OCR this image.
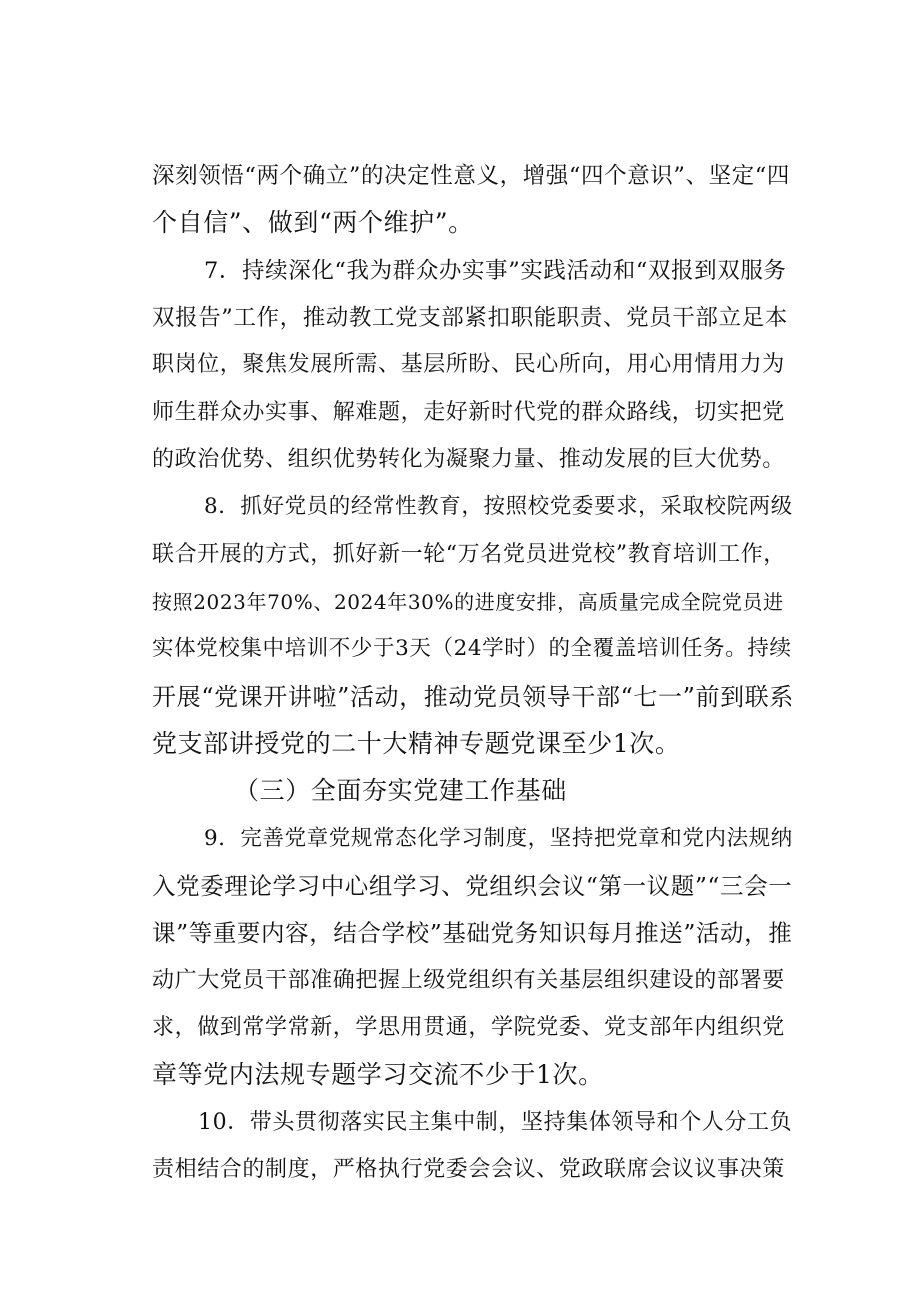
深刻领悟“两个确立”的决定性意义，增强“四个意识”、坚定“四
个自信”、做到“两个维护”。
7．持续深化“我为群众办实事”实践活动和“双报到双服务
双报告”工作，推动教工党支部紧扣职能职责、党员干部立足本
职岗位，聚焦发展所需、基层所盼、民心所向，用心用情用力为
师生群众办实事、解难题，走好新时代党的群众路线，切实把党
的政治优势、组织优势转化为凝聚力量、推动发展的巨大优势。
8．抓好党员的经常性教育，按照校党委要求，采取校院两级
联合开展的方式，抓好新一轮“万名党员进党校”教育培训工作，
按照2023年70%、2024年30%的进度安排，高质量完成全院党员进
实体党校集中培训不少于3天（24学时）的全覆盖培训任务。持续
开展“党课开讲啦”活动，推动党员领导干部“七一”前到联系
党支部讲授党的二十大精神专题党课至少1次。
（三）全面夯实党建工作基础
9．完善党章党规常态化学习制度，坚持把党章和党内法规纳
入党委理论学习中心组学习、党组织会议“第一议题”“三会一
课”等重要内容，结合学校”基础党务知识每月推送”活动，推
动广大党员干部准确把握上级党组织有关基层组织建设的部署要
求，做到常学常新，学思用贯通，学院党委、党支部年内组织党
章等党内法规专题学习交流不少于1次。
10．带头贯彻落实民主集中制，坚持集体领导和个人分工负
责相结合的制度，严格执行党委会会议、党政联席会议议事决策
